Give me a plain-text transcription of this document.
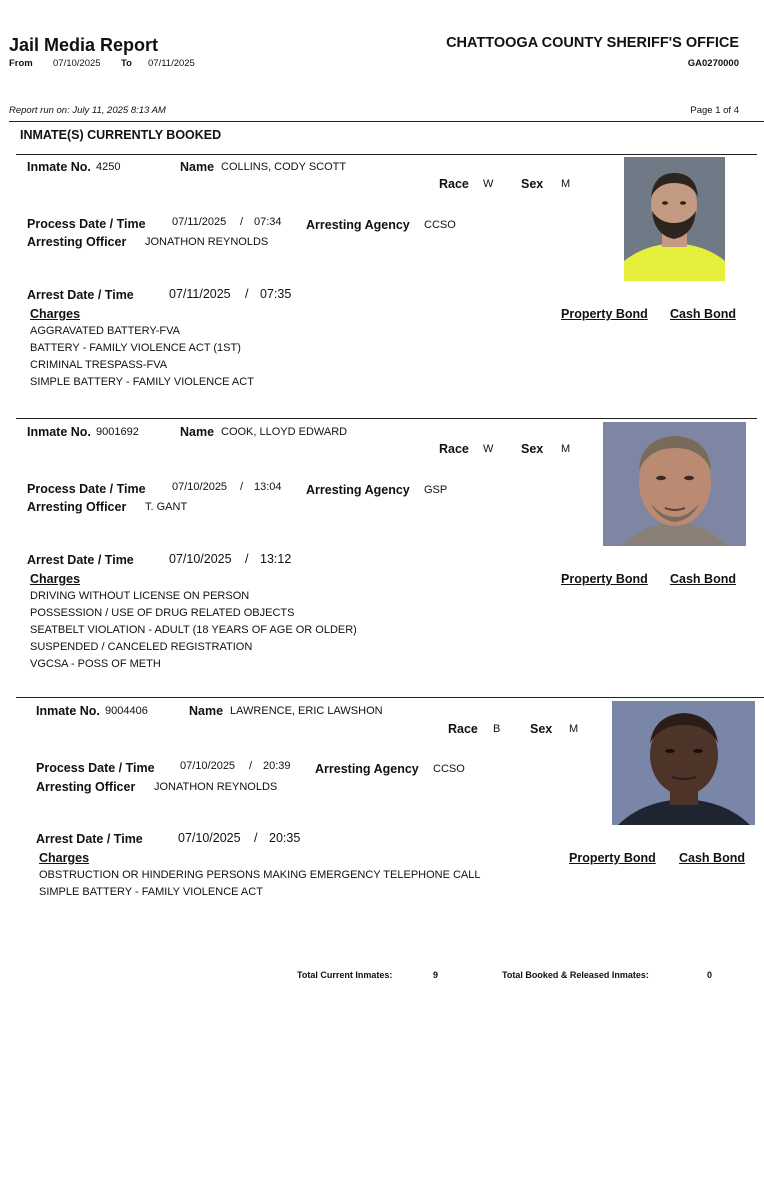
Jail Media Report
From 07/10/2025 To 07/11/2025
CHATTOOGA COUNTY SHERIFF'S OFFICE
GA0270000
Report run on: July 11, 2025 8:13 AM	Page 1 of 4
INMATE(S) CURRENTLY BOOKED
Inmate No. 4250	Name COLLINS, CODY SCOTT
Race W Sex M
Process Date / Time 07/11/2025 / 07:34 Arresting Agency CCSO
Arresting Officer JONATHON REYNOLDS
Arrest Date / Time	07/11/2025 / 07:35
Charges	Property Bond Cash Bond
AGGRAVATED BATTERY-FVA
BATTERY - FAMILY VIOLENCE ACT (1ST)
CRIMINAL TRESPASS-FVA
SIMPLE BATTERY - FAMILY VIOLENCE ACT
Inmate No. 9001692	Name COOK, LLOYD EDWARD
Race W Sex M
Process Date / Time 07/10/2025 / 13:04 Arresting Agency GSP
Arresting Officer T. GANT
Arrest Date / Time	07/10/2025 / 13:12
Charges	Property Bond Cash Bond
DRIVING WITHOUT LICENSE ON PERSON
POSSESSION / USE OF DRUG RELATED OBJECTS
SEATBELT VIOLATION - ADULT (18 YEARS OF AGE OR OLDER)
SUSPENDED / CANCELED REGISTRATION
VGCSA - POSS OF METH
Inmate No. 9004406	Name LAWRENCE, ERIC LAWSHON
Race B Sex M
Process Date / Time 07/10/2025 / 20:39 Arresting Agency CCSO
Arresting Officer JONATHON REYNOLDS
Arrest Date / Time	07/10/2025 / 20:35
Charges	Property Bond Cash Bond
OBSTRUCTION OR HINDERING PERSONS MAKING EMERGENCY TELEPHONE CALL
SIMPLE BATTERY - FAMILY VIOLENCE ACT
Total Current Inmates:	9	Total Booked & Released Inmates:	0
